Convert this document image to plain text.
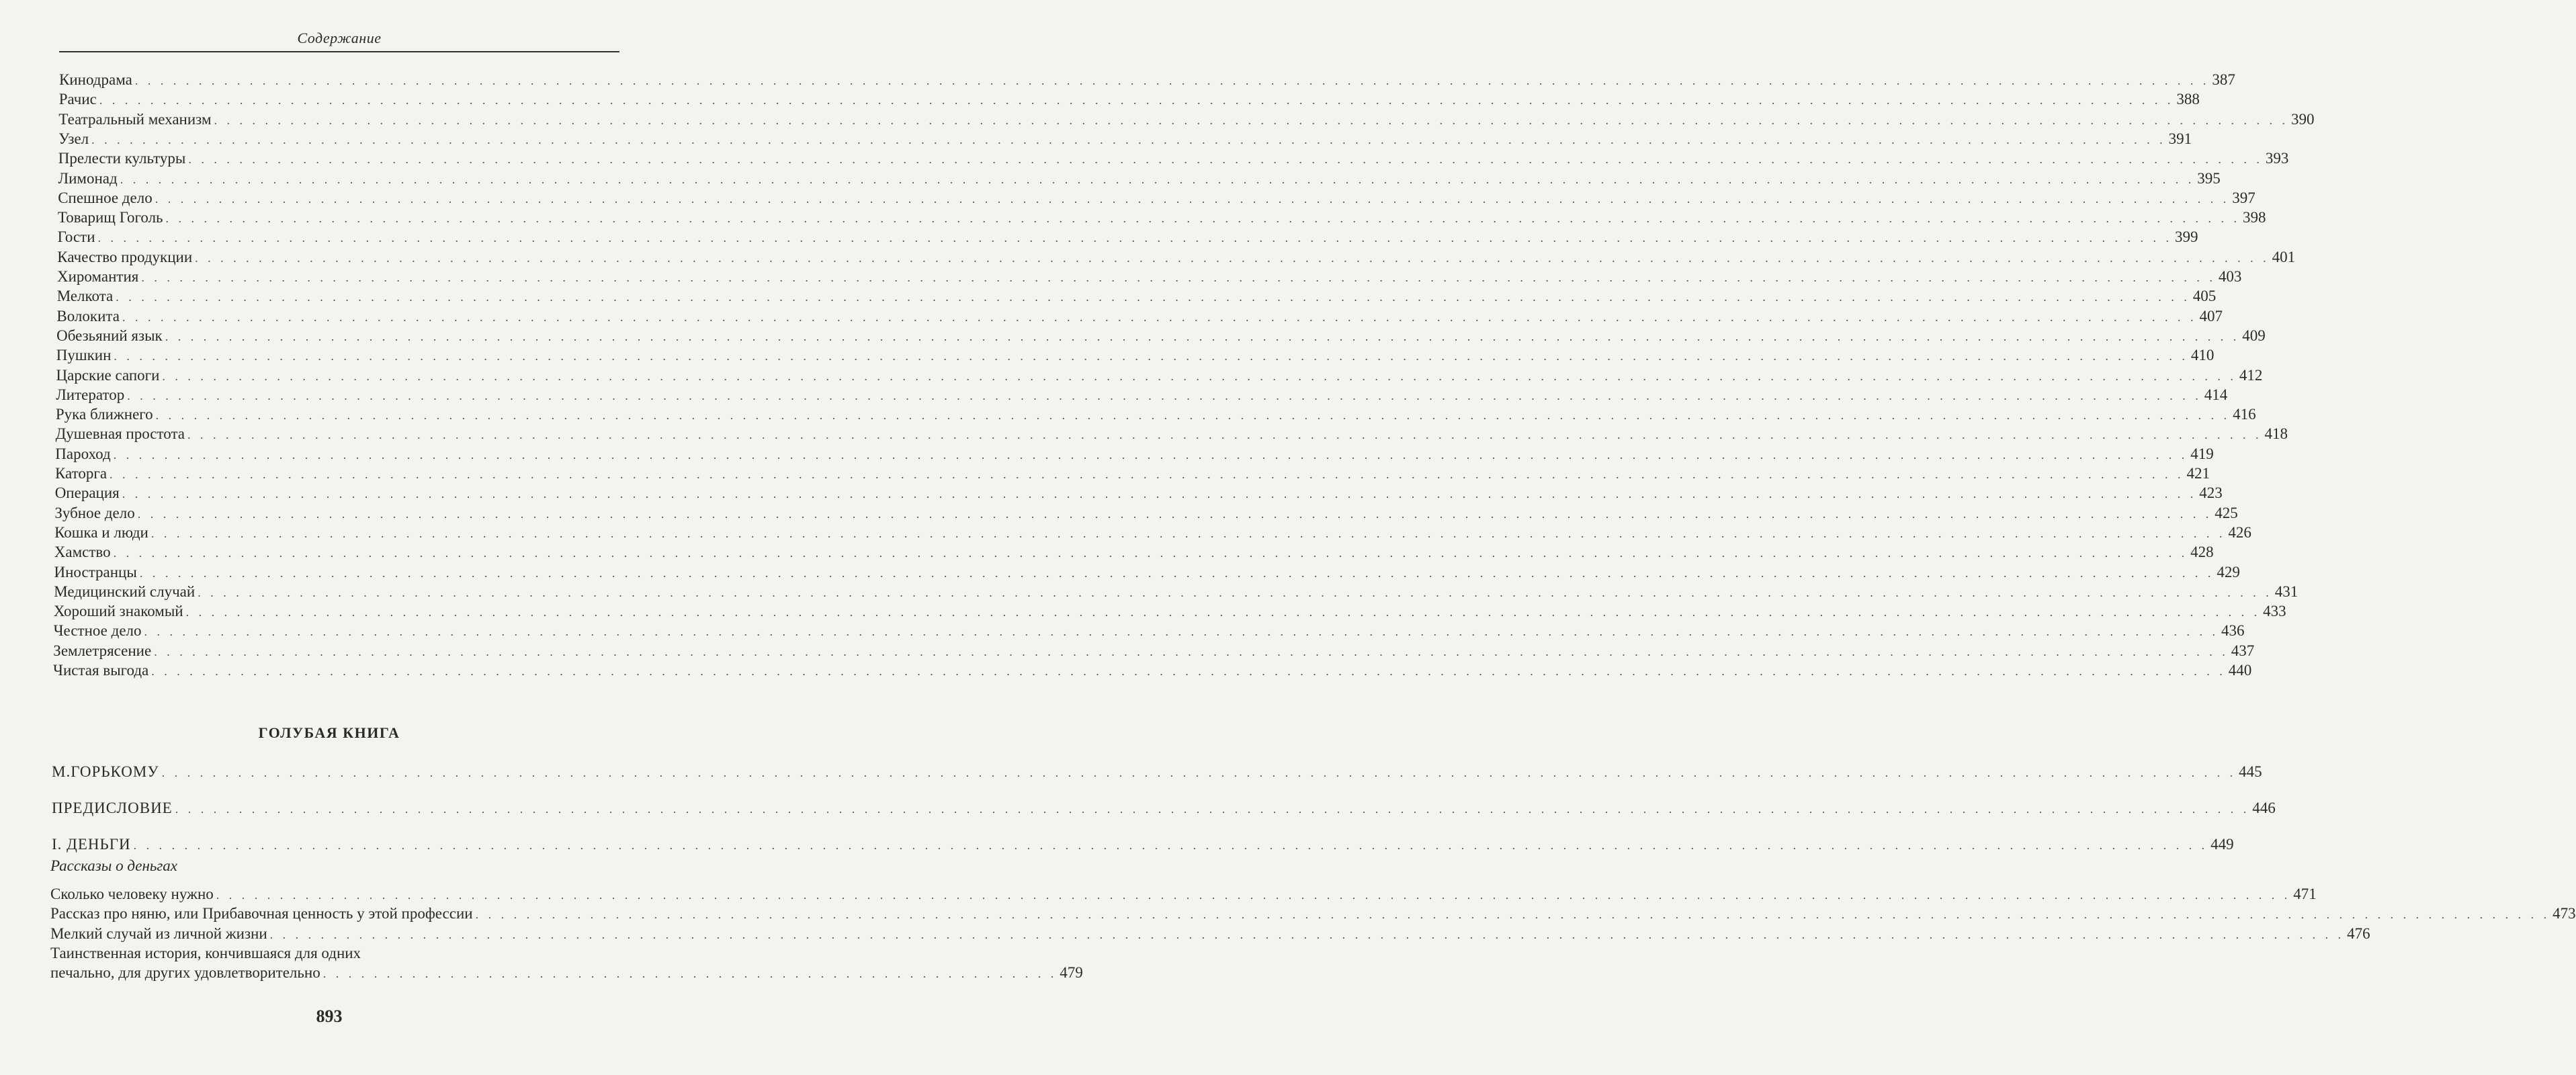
Содержание
Кинодрама . . .	387
Рачис . . .	388
Театральный механизм . . .	390
Узел . . .	391
Прелести культуры . . .	393
Лимонад . . .	395
Спешное дело . . .	397
Товарищ Гоголь . . .	398
Гости . . .	399
Качество продукции . . .	401
Хиромантия . . .	403
Мелкота . . .	405
Волокита . . .	407
Обезьяний язык . . .	409
Пушкин . . .	410
Царские сапоги . . .	412
Литератор . . .	414
Рука ближнего . . .	416
Душевная простота . . .	418
Пароход . . .	419
Каторга . . .	421
Операция . . .	423
Зубное дело . . .	425
Кошка и люди . . .	426
Хамство . . .	428
Иностранцы . . .	429
Медицинский случай . . .	431
Хороший знакомый . . .	433
Честное дело . . .	436
Землетрясение . . .	437
Чистая выгода . . .	440
М.ГОРЬКОМУ . . .	445
ПРЕДИСЛОВИЕ . . .	446
I. ДЕНЬГИ . . .	449
Сколько человеку нужно . . .	471
Рассказ про няню, или Прибавочная ценность у этой профессии . . .	473
Мелкий случай из личной жизни . . .	476
ГОЛУБАЯ КНИГА
Рассказы о деньгах
Таинственная история, кончившаяся для одних
печально, для других удовлетворительно . . . . . . . . . . . . . . . . . . . . . . . . . . . . . . . . . . . . . . . . . . . . . . . . . . . . . . . . . . 479
893
